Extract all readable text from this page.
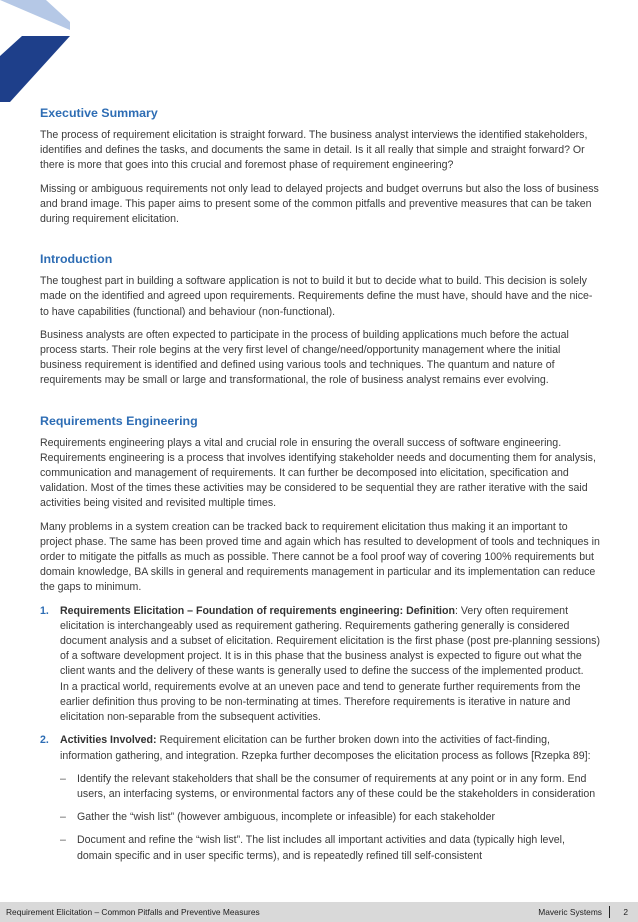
Executive Summary

The process of requirement elicitation is straight forward. The business analyst interviews the identified stakeholders, identifies and defines the tasks, and documents the same in detail. Is it all really that simple and straight forward? Or there is more that goes into this crucial and foremost phase of requirement engineering?

Missing or ambiguous requirements not only lead to delayed projects and budget overruns but also the loss of business and brand image. This paper aims to present some of the common pitfalls and preventive measures that can be taken during requirement elicitation.

Introduction

The toughest part in building a software application is not to build it but to decide what to build. This decision is solely made on the identified and agreed upon requirements. Requirements define the must have, should have and the nice-to have capabilities (functional) and behaviour (non-functional).

Business analysts are often expected to participate in the process of building applications much before the actual process starts. Their role begins at the very first level of change/need/opportunity management where the initial business requirement is identified and defined using various tools and techniques. The quantum and nature of requirements may be small or large and transformational, the role of business analyst remains ever evolving.

Requirements Engineering

Requirements engineering plays a vital and crucial role in ensuring the overall success of software engineering. Requirements engineering is a process that involves identifying stakeholder needs and documenting them for analysis, communication and management of requirements. It can further be decomposed into elicitation, specification and validation. Most of the times these activities may be considered to be sequential they are rather iterative with the said activities being visited and revisited multiple times.

Many problems in a system creation can be tracked back to requirement elicitation thus making it an important to project phase. The same has been proved time and again which has resulted to development of tools and techniques in order to mitigate the pitfalls as much as possible. There cannot be a fool proof way of covering 100% requirements but domain knowledge, BA skills in general and requirements management in particular and its implementation can reduce the gaps to minimum.

1. Requirements Elicitation – Foundation of requirements engineering: Definition: Very often requirement elicitation is interchangeably used as requirement gathering. Requirements gathering generally is considered document analysis and a subset of elicitation. Requirement elicitation is the first phase (post pre-planning sessions) of a software development project. It is in this phase that the business analyst is expected to figure out what the client wants and the delivery of these wants is generally used to define the success of the implemented product.
In a practical world, requirements evolve at an uneven pace and tend to generate further requirements from the earlier definition thus proving to be non-terminating at times. Therefore requirements is iterative in nature and elicitation non-separable from the subsequent activities.
2. Activities Involved: Requirement elicitation can be further broken down into the activities of fact-finding, information gathering, and integration. Rzepka further decomposes the elicitation process as follows [Rzepka 89]:
– Identify the relevant stakeholders that shall be the consumer of requirements at any point or in any form. End users, an interfacing systems, or environmental factors any of these could be the stakeholders in consideration
– Gather the “wish list” (however ambiguous, incomplete or infeasible) for each stakeholder
– Document and refine the “wish list”. The list includes all important activities and data (typically high level, domain specific and in user specific terms), and is repeatedly refined till self-consistent
Requirement Elicitation – Common Pitfalls and Preventive Measures	Maveric Systems	2
